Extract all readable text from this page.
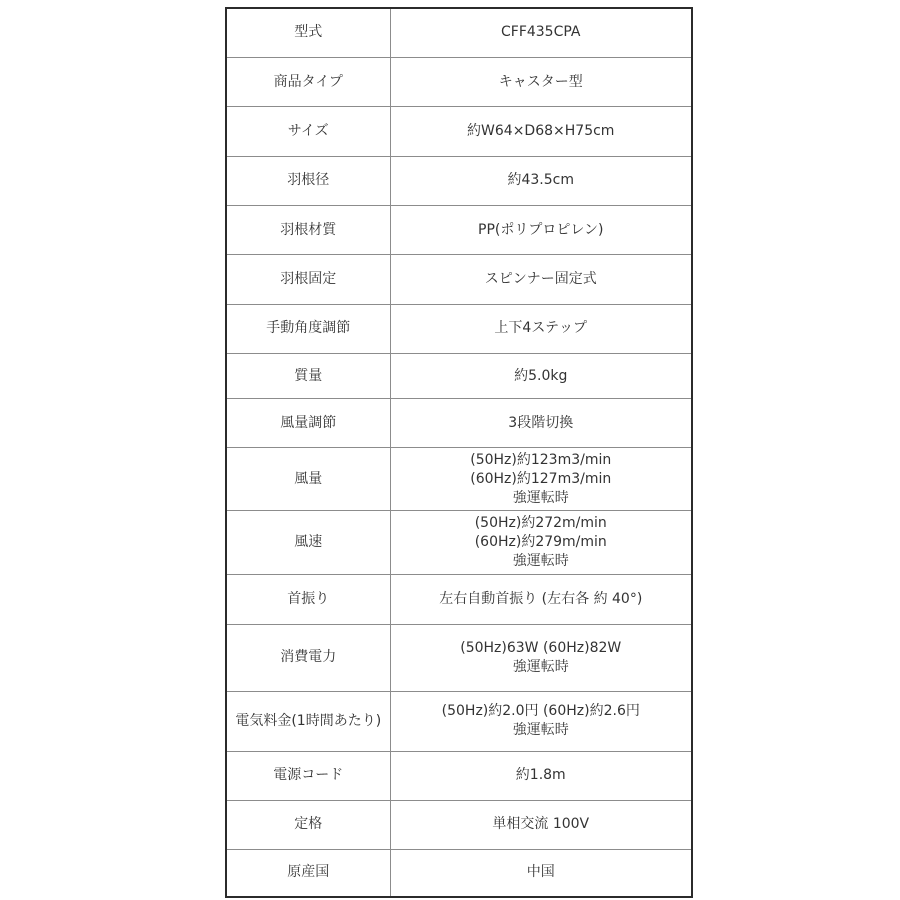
型式	CFF435CPA

商品タイプ	キャスター型

サイズ	約W64×D68×H75cm

羽根径	約43.5cm

羽根材質	PP(ポリプロピレン)

羽根固定	スピンナー固定式

手動角度調節	上下4ステップ

質量	約5.0kg

風量調節	3段階切換

風量	(50Hz)約123m3/min
(60Hz)約127m3/min
強運転時

風速	(50Hz)約272m/min
(60Hz)約279m/min
強運転時

首振り	左右自動首振り (左右各 約 40°)

消費電力	(50Hz)63W (60Hz)82W
強運転時

電気料金(1時間あたり)	(50Hz)約2.0円 (60Hz)約2.6円
強運転時

電源コード	約1.8m

定格	単相交流 100V

原産国	中国
